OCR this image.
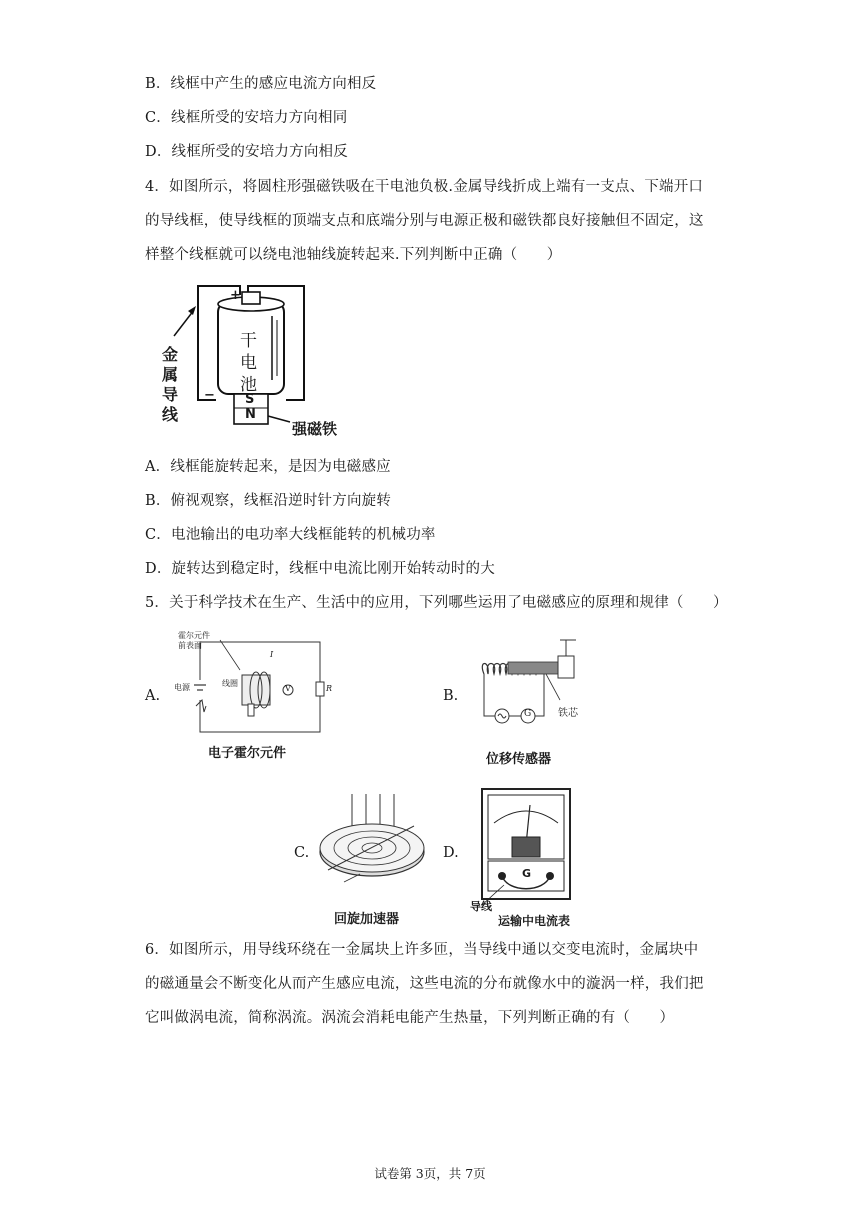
B．线框中产生的感应电流方向相反
C．线框所受的安培力方向相同
D．线框所受的安培力方向相反
4．如图所示，将圆柱形强磁铁吸在干电池负极.金属导线折成上端有一支点、下端开口
的导线框，使导线框的顶端支点和底端分别与电源正极和磁铁都良好接触但不固定，这
样整个线框就可以绕电池轴线旋转起来.下列判断中正确（　　）
+
干
电
池
金
属
导
线
− S
N
强磁铁
A．线框能旋转起来，是因为电磁感应
B．俯视观察，线框沿逆时针方向旋转
C．电池输出的电功率大线框能转的机械功率
D．旋转达到稳定时，线框中电流比刚开始转动时的大
5．关于科学技术在生产、生活中的应用，下列哪些运用了电磁感应的原理和规律（　　）
A.
霍尔元件
前表面
线圈
电源
I
R
V
电子霍尔元件
B.
G	铁芯
位移传感器
C.
回旋加速器
D.
G
导线
运输中电流表
6．如图所示，用导线环绕在一金属块上许多匝，当导线中通以交变电流时，金属块中
的磁通量会不断变化从而产生感应电流，这些电流的分布就像水中的漩涡一样，我们把
它叫做涡电流，简称涡流。涡流会消耗电能产生热量，下列判断正确的有（　　）
试卷第 3页，共 7页
